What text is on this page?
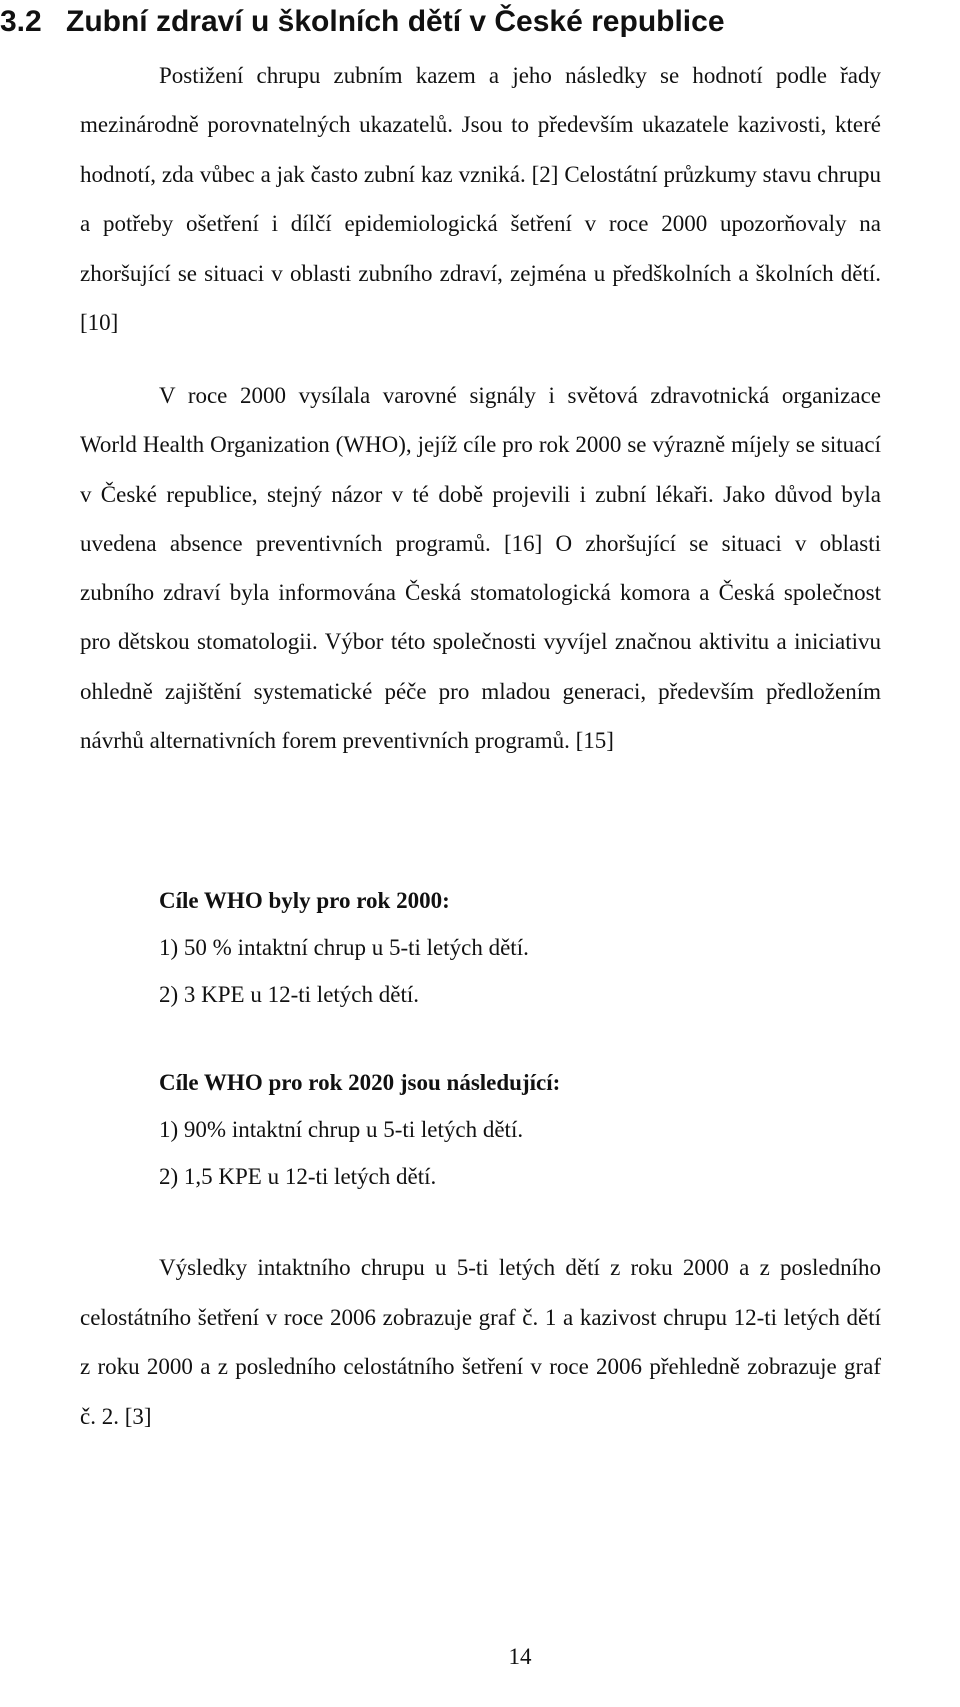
3.2 Zubní zdraví u školních dětí v České republice

Postižení chrupu zubním kazem a jeho následky se hodnotí podle řady mezinárodně porovnatelných ukazatelů. Jsou to především ukazatele kazivosti, které hodnotí, zda vůbec a jak často zubní kaz vzniká. [2] Celostátní průzkumy stavu chrupu a potřeby ošetření i dílčí epidemiologická šetření v roce 2000 upozorňovaly na zhoršující se situaci v oblasti zubního zdraví, zejména u předškolních a školních dětí. [10]

V roce 2000 vysílala varovné signály i světová zdravotnická organizace World Health Organization (WHO), jejíž cíle pro rok 2000 se výrazně míjely se situací v České republice, stejný názor v té době projevili i zubní lékaři. Jako důvod byla uvedena absence preventivních programů. [16] O zhoršující se situaci v oblasti zubního zdraví byla informována Česká stomatologická komora a Česká společnost pro dětskou stomatologii. Výbor této společnosti vyvíjel značnou aktivitu a iniciativu ohledně zajištění systematické péče pro mladou generaci, především předložením návrhů alternativních forem preventivních programů. [15]

Cíle WHO byly pro rok 2000:
1) 50 % intaktní chrup u 5-ti letých dětí.
2) 3 KPE u 12-ti letých dětí.
Cíle WHO pro rok 2020 jsou následující:
1) 90% intaktní chrup u 5-ti letých dětí.
2) 1,5 KPE u 12-ti letých dětí.

Výsledky intaktního chrupu u 5-ti letých dětí z roku 2000 a z posledního celostátního šetření v roce 2006 zobrazuje graf č. 1 a kazivost chrupu 12-ti letých dětí z roku 2000 a z posledního celostátního šetření v roce 2006 přehledně zobrazuje graf č. 2. [3]

14
